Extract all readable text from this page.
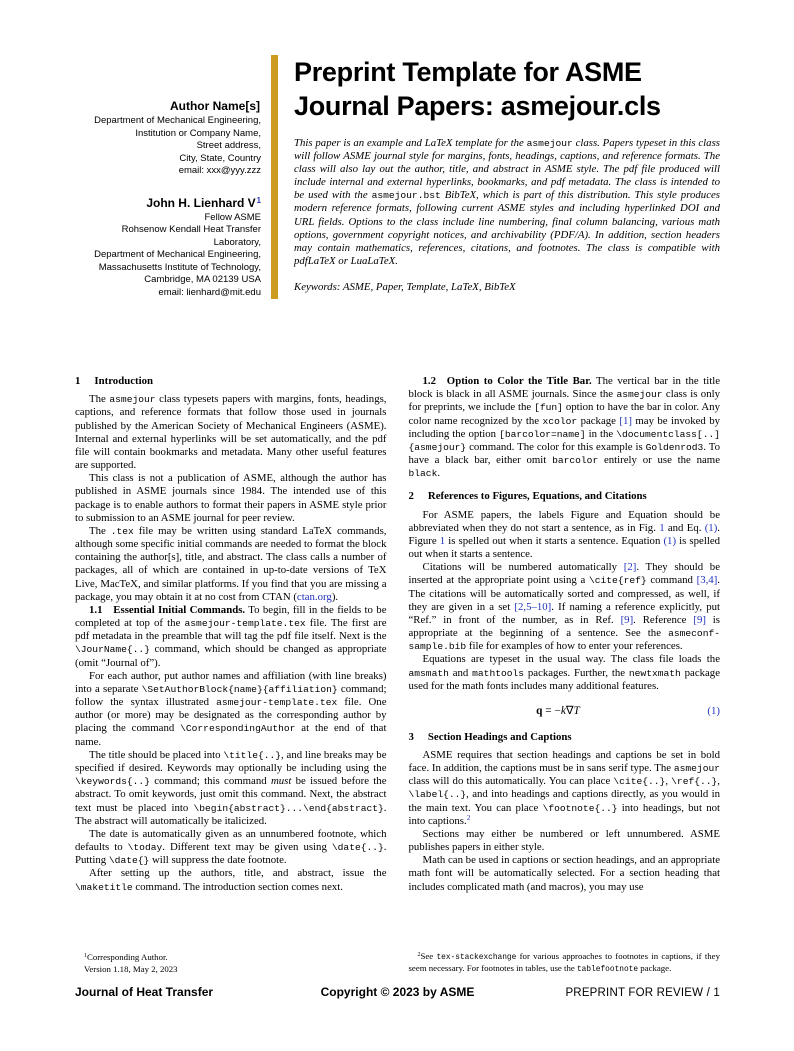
Author Name[s]
Department of Mechanical Engineering,
Institution or Company Name,
Street address,
City, State, Country
email: xxx@yyy.zzz
John H. Lienhard $V^1$
Fellow ASME
Rohsenow Kendall Heat Transfer Laboratory,
Department of Mechanical Engineering,
Massachusetts Institute of Technology,
Cambridge, MA 02139 USA
email: lienhard@mit.edu
Preprint Template for ASME
Journal Papers: asmejour.cls

This paper is an example and LaTeX template for the asmejour class. Papers typeset in this class will follow ASME journal style for margins, fonts, headings, captions, and reference formats. The class will also lay out the author, title, and abstract in ASME style. The pdf file produced will include internal and external hyperlinks, bookmarks, and pdf metadata. The class is intended to be used with the asmejour.bst BibTeX, which is part of this distribution. This style produces modern reference formats, following current ASME styles and including hyperlinked DOI and URL fields. Options to the class include line numbering, final column balancing, various math options, government copyright notices, and archivability (PDF/A). In addition, section headers may contain mathematics, references, citations, and footnotes. The class is compatible with pdfLaTeX or LuaLaTeX.

Keywords: ASME, Paper, Template, LaTeX, BibTeX

1 Introduction

The asmejour class typesets papers with margins, fonts, headings, captions, and reference formats that follow those used in journals published by the American Society of Mechanical Engineers (ASME). Internal and external hyperlinks will be set automatically, and the pdf file will contain bookmarks and metadata. Many other useful features are supported.

This class is not a publication of ASME, although the author has published in ASME journals since 1984. The intended use of this package is to enable authors to format their papers in ASME style prior to submission to an ASME journal for peer review.

The .tex file may be written using standard LaTeX commands, although some specific initial commands are needed to format the block containing the author[s], title, and abstract. The class calls a number of packages, all of which are contained in up-to-date versions of TeX Live, MacTeX, and similar platforms. If you find that you are missing a package, you may obtain it at no cost from CTAN (ctan.org).

1.1  Essential Initial Commands. To begin, fill in the fields to be completed at top of the asmejour-template.tex file. The first are pdf metadata in the preamble that will tag the pdf file itself. Next is the \JourName{..} command, which should be changed as appropriate (omit “Journal of”).

For each author, put author names and affiliation (with line breaks) into a separate \SetAuthorBlock{name}{affiliation} command; follow the syntax illustrated asmejour-template.tex file. One author (or more) may be designated as the corresponding author by placing the command \CorrespondingAuthor at the end of that name.

The title should be placed into \title{..}, and line breaks may be specified if desired. Keywords may optionally be including using the \keywords{..} command; this command must be issued before the abstract. To omit keywords, just omit this command. Next, the abstract text must be placed into \begin{abstract}...\end{abstract}. The abstract will automatically be italicized.

The date is automatically given as an unnumbered footnote, which defaults to \today. Different text may be given using \date{..}. Putting \date{} will suppress the date footnote.

After setting up the authors, title, and abstract, issue the \maketitle command. The introduction section comes next.

$^1$Corresponding Author.

Version 1.18, May 2, 2023

1.2  Option to Color the Title Bar. The vertical bar in the title block is black in all ASME journals. Since the asmejour class is only for preprints, we include the [fun] option to have the bar in color. Any color name recognized by the xcolor package [1] may be invoked by including the option [barcolor=name] in the \documentclass[..]{asmejour} command. The color for this example is Goldenrod3. To have a black bar, either omit barcolor entirely or use the name black.

2 References to Figures, Equations, and Citations

For ASME papers, the labels Figure and Equation should be abbreviated when they do not start a sentence, as in Fig. 1 and Eq. (1). Figure 1 is spelled out when it starts a sentence. Equation (1) is spelled out when it starts a sentence.

Citations will be numbered automatically [2]. They should be inserted at the appropriate point using a \cite{ref} command [3,4]. The citations will be automatically sorted and compressed, as well, if they are given in a set [2,5–10]. If naming a reference explicitly, put “Ref.” in front of the number, as in Ref. [9]. Reference [9] is appropriate at the beginning of a sentence. See the asmeconf-sample.bib file for examples of how to enter your references.

Equations are typeset in the usual way. The class file loads the amsmath and mathtools packages. Further, the newtxmath package used for the math fonts includes many additional features.

q = −k∇T	(1)
3 Section Headings and Captions

ASME requires that section headings and captions be set in bold face. In addition, the captions must be in sans serif type. The asmejour class will do this automatically. You can place \cite{..}, \ref{..}, \label{..}, and into headings and captions directly, as you would in the main text. You can place \footnote{..} into headings, but not into captions.$^2$

Sections may either be numbered or left unnumbered. ASME publishes papers in either style.

Math can be used in captions or section headings, and an appropriate math font will be automatically selected. For a section heading that includes complicated math (and macros), you may use

$^2$See tex-stackexchange for various approaches to footnotes in captions, if they seem necessary. For footnotes in tables, use the tablefootnote package.

Journal of Heat Transfer	Copyright © 2023 by ASME	PREPRINT FOR REVIEW / 1
